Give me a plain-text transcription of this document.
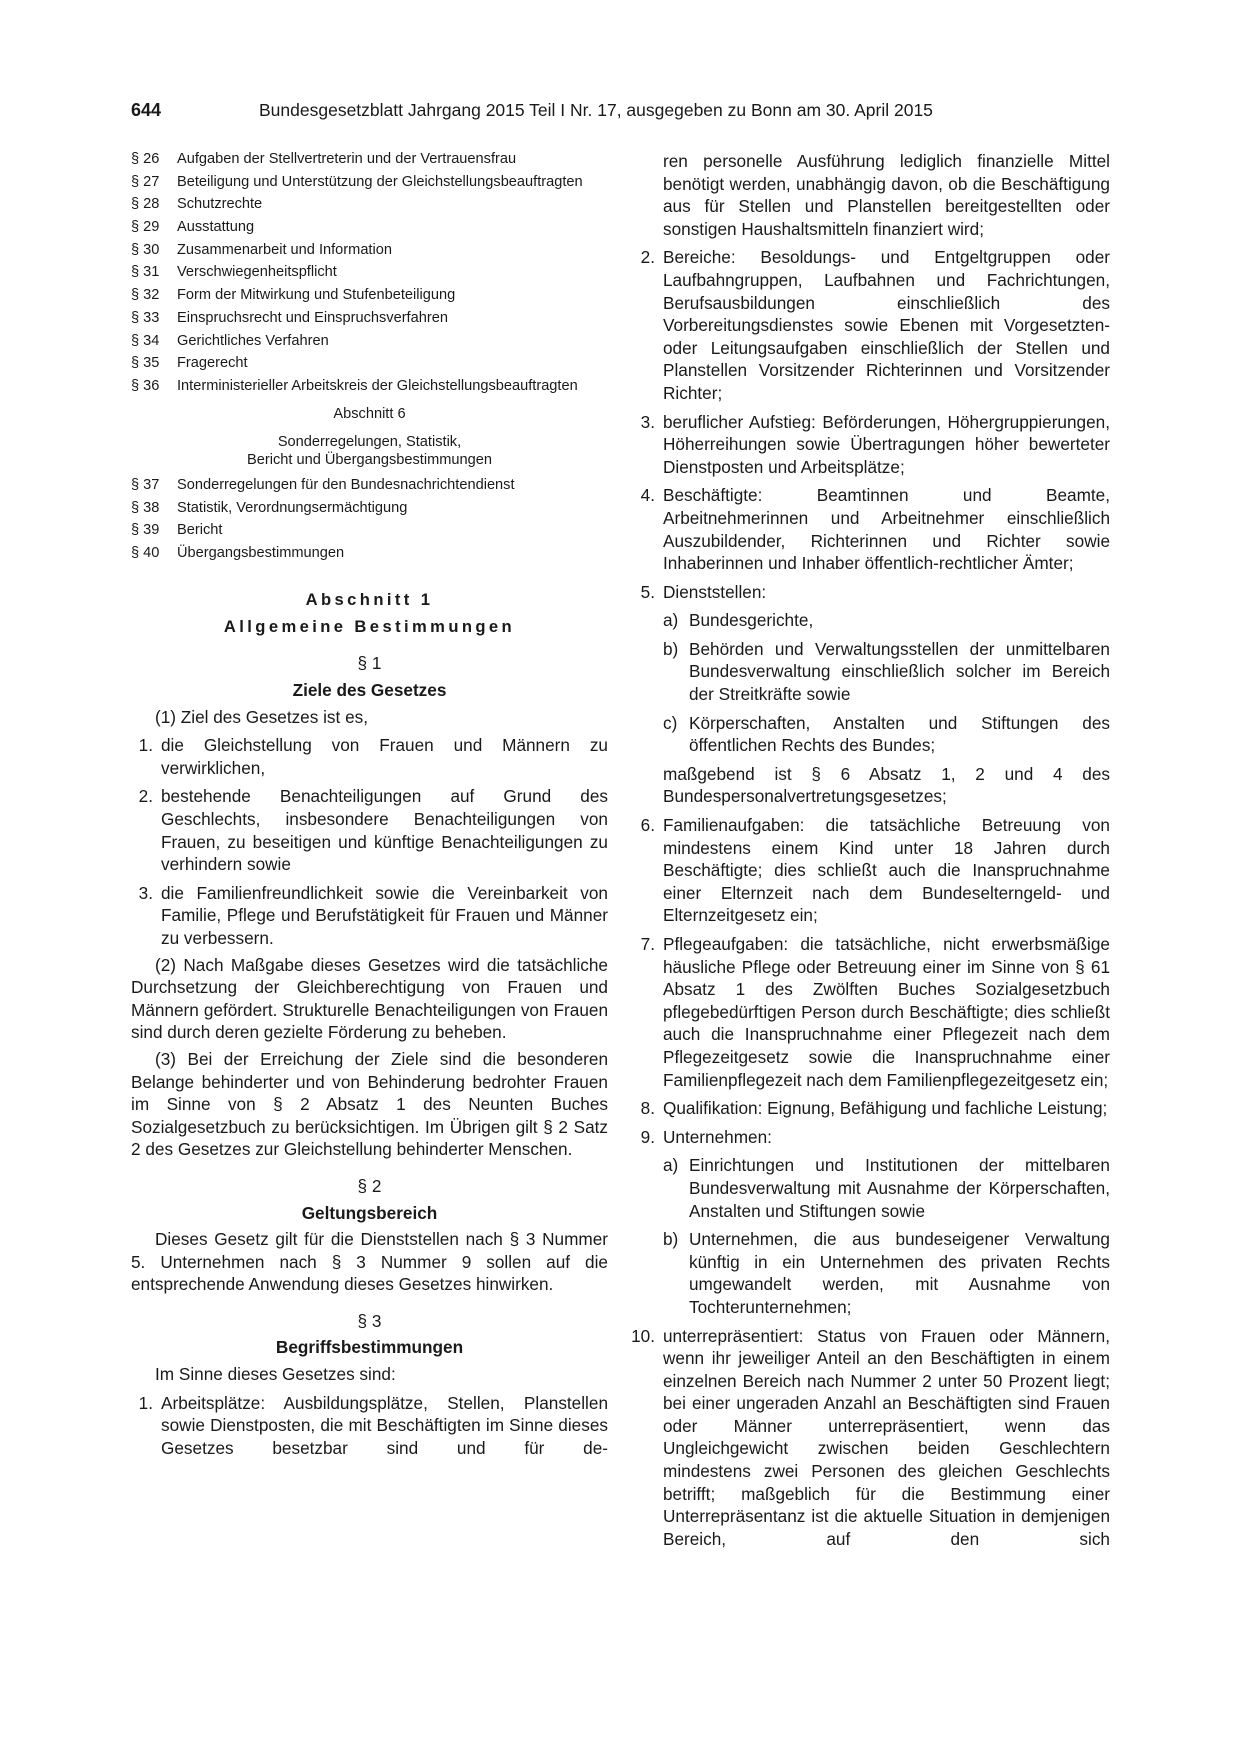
644	Bundesgesetzblatt Jahrgang 2015 Teil I Nr. 17, ausgegeben zu Bonn am 30. April 2015
§ 26	Aufgaben der Stellvertreterin und der Vertrauensfrau
§ 27	Beteiligung und Unterstützung der Gleichstellungsbeauftragten
§ 28	Schutzrechte
§ 29	Ausstattung
§ 30	Zusammenarbeit und Information
§ 31	Verschwiegenheitspflicht
§ 32	Form der Mitwirkung und Stufenbeteiligung
§ 33	Einspruchsrecht und Einspruchsverfahren
§ 34	Gerichtliches Verfahren
§ 35	Fragerecht
§ 36	Interministerieller Arbeitskreis der Gleichstellungsbeauftragten
Abschnitt 6
Sonderregelungen, Statistik,
Bericht und Übergangsbestimmungen
§ 37	Sonderregelungen für den Bundesnachrichtendienst
§ 38	Statistik, Verordnungsermächtigung
§ 39	Bericht
§ 40	Übergangsbestimmungen
Abschnitt 1
Allgemeine Bestimmungen
§ 1
Ziele des Gesetzes

(1) Ziel des Gesetzes ist es,

1. die Gleichstellung von Frauen und Männern zu verwirklichen,
2. bestehende Benachteiligungen auf Grund des Geschlechts, insbesondere Benachteiligungen von Frauen, zu beseitigen und künftige Benachteiligungen zu verhindern sowie
3. die Familienfreundlichkeit sowie die Vereinbarkeit von Familie, Pflege und Berufstätigkeit für Frauen und Männer zu verbessern.

(2) Nach Maßgabe dieses Gesetzes wird die tatsächliche Durchsetzung der Gleichberechtigung von Frauen und Männern gefördert. Strukturelle Benachteiligungen von Frauen sind durch deren gezielte Förderung zu beheben.

(3) Bei der Erreichung der Ziele sind die besonderen Belange behinderter und von Behinderung bedrohter Frauen im Sinne von § 2 Absatz 1 des Neunten Buches Sozialgesetzbuch zu berücksichtigen. Im Übrigen gilt § 2 Satz 2 des Gesetzes zur Gleichstellung behinderter Menschen.

§ 2
Geltungsbereich

Dieses Gesetz gilt für die Dienststellen nach § 3 Nummer 5. Unternehmen nach § 3 Nummer 9 sollen auf die entsprechende Anwendung dieses Gesetzes hinwirken.

§ 3
Begriffsbestimmungen

Im Sinne dieses Gesetzes sind:

1. Arbeitsplätze: Ausbildungsplätze, Stellen, Planstellen sowie Dienstposten, die mit Beschäftigten im Sinne dieses Gesetzes besetzbar sind und für de-

ren personelle Ausführung lediglich finanzielle Mittel benötigt werden, unabhängig davon, ob die Beschäftigung aus für Stellen und Planstellen bereitgestellten oder sonstigen Haushaltsmitteln finanziert wird;

2. Bereiche: Besoldungs- und Entgeltgruppen oder Laufbahngruppen, Laufbahnen und Fachrichtungen, Berufsausbildungen einschließlich des Vorbereitungsdienstes sowie Ebenen mit Vorgesetzten- oder Leitungsaufgaben einschließlich der Stellen und Planstellen Vorsitzender Richterinnen und Vorsitzender Richter;
3. beruflicher Aufstieg: Beförderungen, Höhergruppierungen, Höherreihungen sowie Übertragungen höher bewerteter Dienstposten und Arbeitsplätze;
4. Beschäftigte: Beamtinnen und Beamte, Arbeitnehmerinnen und Arbeitnehmer einschließlich Auszubildender, Richterinnen und Richter sowie Inhaberinnen und Inhaber öffentlich-rechtlicher Ämter;
5. Dienststellen:
a) Bundesgerichte,
b) Behörden und Verwaltungsstellen der unmittelbaren Bundesverwaltung einschließlich solcher im Bereich der Streitkräfte sowie
c) Körperschaften, Anstalten und Stiftungen des öffentlichen Rechts des Bundes;

maßgebend ist § 6 Absatz 1, 2 und 4 des Bundespersonalvertretungsgesetzes;

6. Familienaufgaben: die tatsächliche Betreuung von mindestens einem Kind unter 18 Jahren durch Beschäftigte; dies schließt auch die Inanspruchnahme einer Elternzeit nach dem Bundeselterngeld- und Elternzeitgesetz ein;
7. Pflegeaufgaben: die tatsächliche, nicht erwerbsmäßige häusliche Pflege oder Betreuung einer im Sinne von § 61 Absatz 1 des Zwölften Buches Sozialgesetzbuch pflegebedürftigen Person durch Beschäftigte; dies schließt auch die Inanspruchnahme einer Pflegezeit nach dem Pflegezeitgesetz sowie die Inanspruchnahme einer Familienpflegezeit nach dem Familienpflegezeitgesetz ein;
8. Qualifikation: Eignung, Befähigung und fachliche Leistung;
9. Unternehmen:
a) Einrichtungen und Institutionen der mittelbaren Bundesverwaltung mit Ausnahme der Körperschaften, Anstalten und Stiftungen sowie
b) Unternehmen, die aus bundeseigener Verwaltung künftig in ein Unternehmen des privaten Rechts umgewandelt werden, mit Ausnahme von Tochterunternehmen;
10. unterrepräsentiert: Status von Frauen oder Männern, wenn ihr jeweiliger Anteil an den Beschäftigten in einem einzelnen Bereich nach Nummer 2 unter 50 Prozent liegt; bei einer ungeraden Anzahl an Beschäftigten sind Frauen oder Männer unterrepräsentiert, wenn das Ungleichgewicht zwischen beiden Geschlechtern mindestens zwei Personen des gleichen Geschlechts betrifft; maßgeblich für die Bestimmung einer Unterrepräsentanz ist die aktuelle Situation in demjenigen Bereich, auf den sich
